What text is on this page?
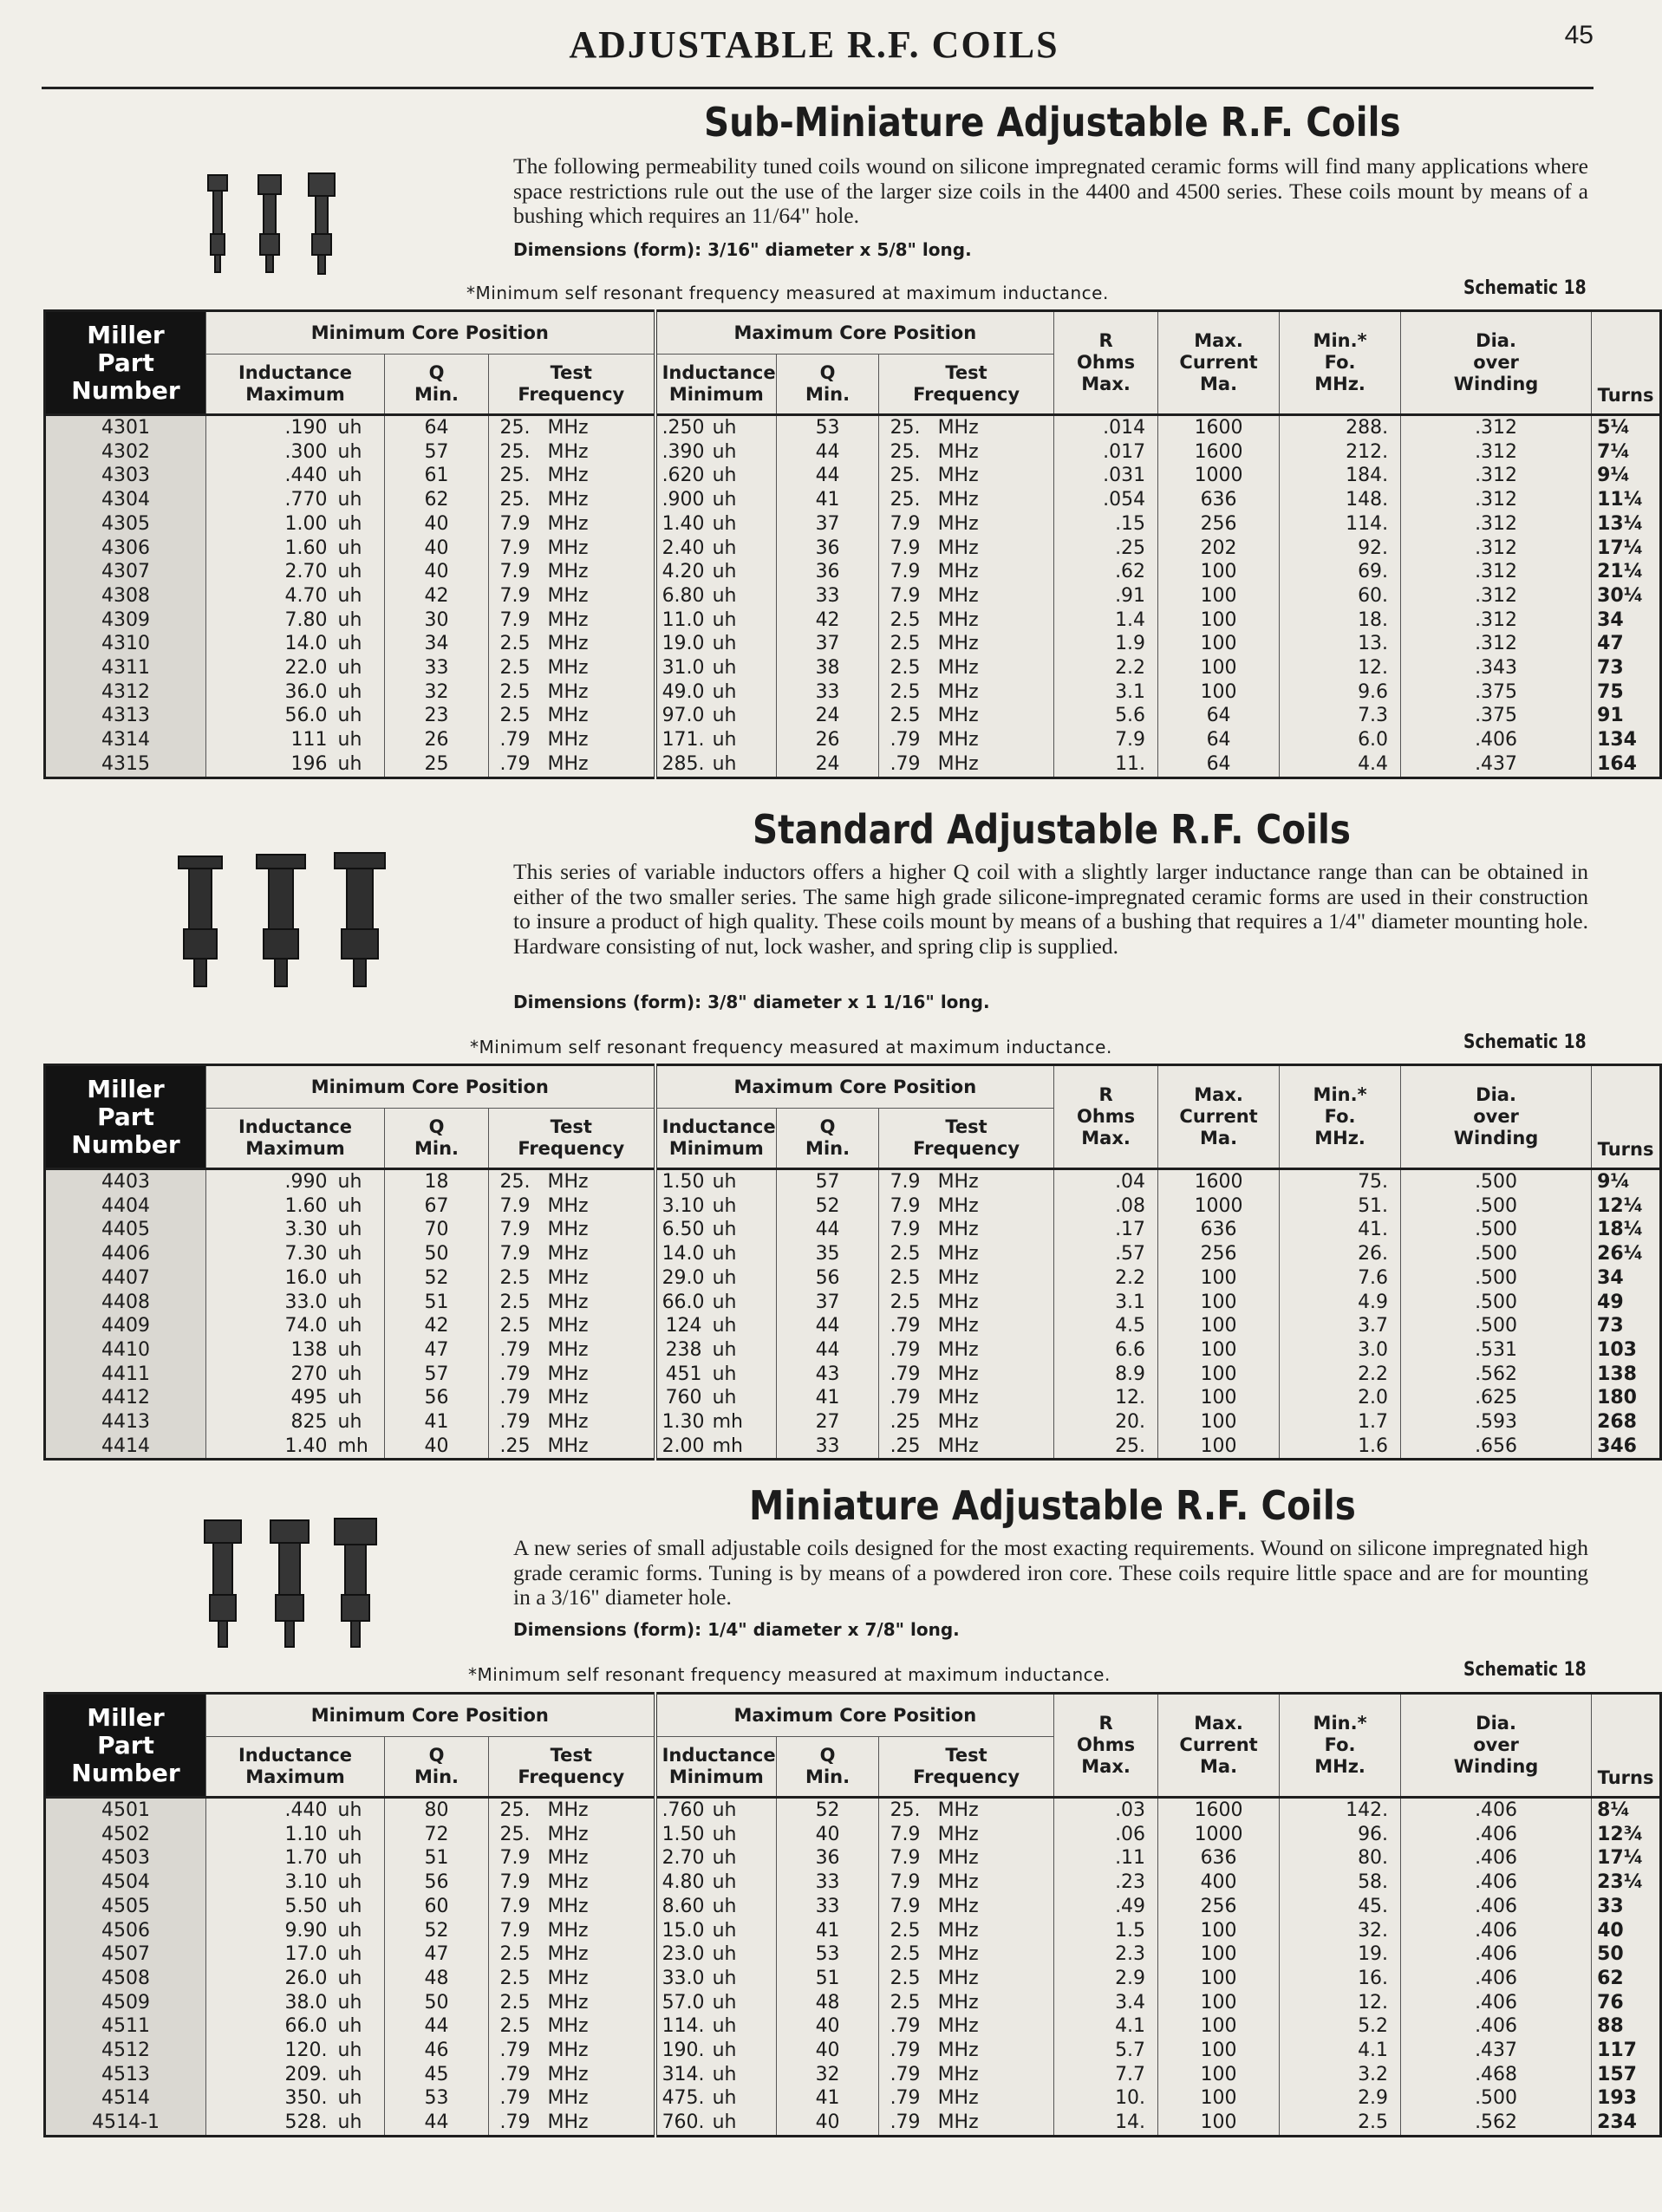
ADJUSTABLE R.F. COILS	45
Sub-Miniature Adjustable R.F. Coils
The following permeability tuned coils wound on silicone impregnated ceramic forms will find many applications where space restrictions rule out the use of the larger size coils in the 4400 and 4500 series. These coils mount by means of a bushing which requires an 11/64" hole.
Dimensions (form): 3/16" diameter x 5/8" long.
*Minimum self resonant frequency measured at maximum inductance.	Schematic 18
Miller
Part
Number	Minimum Core Position					Maximum Core Position					R
Ohms
Max.	Max.
Current
Ma.	Min.*
Fo.
MHz.	Dia.
over
Winding	Turns
	Inductance
Maximum		Q
Min.	Test
Frequency		Inductance
Minimum		Q
Min.	Test
Frequency						
4301	.190	uh	64	25.	MHz	.250	uh	53	25.	MHz	.014	1600	288.	.312	5¼
4302	.300	uh	57	25.	MHz	.390	uh	44	25.	MHz	.017	1600	212.	.312	7¼
4303	.440	uh	61	25.	MHz	.620	uh	44	25.	MHz	.031	1000	184.	.312	9¼
4304	.770	uh	62	25.	MHz	.900	uh	41	25.	MHz	.054	636	148.	.312	11¼
4305	1.00	uh	40	7.9	MHz	1.40	uh	37	7.9	MHz	.15	256	114.	.312	13¼
4306	1.60	uh	40	7.9	MHz	2.40	uh	36	7.9	MHz	.25	202	92.	.312	17¼
4307	2.70	uh	40	7.9	MHz	4.20	uh	36	7.9	MHz	.62	100	69.	.312	21¼
4308	4.70	uh	42	7.9	MHz	6.80	uh	33	7.9	MHz	.91	100	60.	.312	30¼
4309	7.80	uh	30	7.9	MHz	11.0	uh	42	2.5	MHz	1.4	100	18.	.312	34
4310	14.0	uh	34	2.5	MHz	19.0	uh	37	2.5	MHz	1.9	100	13.	.312	47
4311	22.0	uh	33	2.5	MHz	31.0	uh	38	2.5	MHz	2.2	100	12.	.343	73
4312	36.0	uh	32	2.5	MHz	49.0	uh	33	2.5	MHz	3.1	100	9.6	.375	75
4313	56.0	uh	23	2.5	MHz	97.0	uh	24	2.5	MHz	5.6	64	7.3	.375	91
4314	111	uh	26	.79	MHz	171.	uh	26	.79	MHz	7.9	64	6.0	.406	134
4315	196	uh	25	.79	MHz	285.	uh	24	.79	MHz	11.	64	4.4	.437	164
Standard Adjustable R.F. Coils
This series of variable inductors offers a higher Q coil with a slightly larger inductance range than can be obtained in either of the two smaller series. The same high grade silicone-impregnated ceramic forms are used in their construction to insure a product of high quality. These coils mount by means of a bushing that requires a 1/4" diameter mounting hole. Hardware consisting of nut, lock washer, and spring clip is supplied.
Dimensions (form): 3/8" diameter x 1 1/16" long.
*Minimum self resonant frequency measured at maximum inductance.	Schematic 18
Miller
Part
Number	Minimum Core Position					Maximum Core Position					R
Ohms
Max.	Max.
Current
Ma.	Min.*
Fo.
MHz.	Dia.
over
Winding	Turns
	Inductance
Maximum		Q
Min.	Test
Frequency		Inductance
Minimum		Q
Min.	Test
Frequency						
4403	.990	uh	18	25.	MHz	1.50	uh	57	7.9	MHz	.04	1600	75.	.500	9¼
4404	1.60	uh	67	7.9	MHz	3.10	uh	52	7.9	MHz	.08	1000	51.	.500	12¼
4405	3.30	uh	70	7.9	MHz	6.50	uh	44	7.9	MHz	.17	636	41.	.500	18¼
4406	7.30	uh	50	7.9	MHz	14.0	uh	35	2.5	MHz	.57	256	26.	.500	26¼
4407	16.0	uh	52	2.5	MHz	29.0	uh	56	2.5	MHz	2.2	100	7.6	.500	34
4408	33.0	uh	51	2.5	MHz	66.0	uh	37	2.5	MHz	3.1	100	4.9	.500	49
4409	74.0	uh	42	2.5	MHz	124	uh	44	.79	MHz	4.5	100	3.7	.500	73
4410	138	uh	47	.79	MHz	238	uh	44	.79	MHz	6.6	100	3.0	.531	103
4411	270	uh	57	.79	MHz	451	uh	43	.79	MHz	8.9	100	2.2	.562	138
4412	495	uh	56	.79	MHz	760	uh	41	.79	MHz	12.	100	2.0	.625	180
4413	825	uh	41	.79	MHz	1.30	mh	27	.25	MHz	20.	100	1.7	.593	268
4414	1.40	mh	40	.25	MHz	2.00	mh	33	.25	MHz	25.	100	1.6	.656	346
Miniature Adjustable R.F. Coils
A new series of small adjustable coils designed for the most exacting requirements. Wound on silicone impregnated high grade ceramic forms. Tuning is by means of a powdered iron core. These coils require little space and are for mounting in a 3/16" diameter hole.
Dimensions (form): 1/4" diameter x 7/8" long.
*Minimum self resonant frequency measured at maximum inductance.	Schematic 18
Miller
Part
Number	Minimum Core Position					Maximum Core Position					R
Ohms
Max.	Max.
Current
Ma.	Min.*
Fo.
MHz.	Dia.
over
Winding	Turns
	Inductance
Maximum		Q
Min.	Test
Frequency		Inductance
Minimum		Q
Min.	Test
Frequency						
4501	.440	uh	80	25.	MHz	.760	uh	52	25.	MHz	.03	1600	142.	.406	8¼
4502	1.10	uh	72	25.	MHz	1.50	uh	40	7.9	MHz	.06	1000	96.	.406	12¾
4503	1.70	uh	51	7.9	MHz	2.70	uh	36	7.9	MHz	.11	636	80.	.406	17¼
4504	3.10	uh	56	7.9	MHz	4.80	uh	33	7.9	MHz	.23	400	58.	.406	23¼
4505	5.50	uh	60	7.9	MHz	8.60	uh	33	7.9	MHz	.49	256	45.	.406	33
4506	9.90	uh	52	7.9	MHz	15.0	uh	41	2.5	MHz	1.5	100	32.	.406	40
4507	17.0	uh	47	2.5	MHz	23.0	uh	53	2.5	MHz	2.3	100	19.	.406	50
4508	26.0	uh	48	2.5	MHz	33.0	uh	51	2.5	MHz	2.9	100	16.	.406	62
4509	38.0	uh	50	2.5	MHz	57.0	uh	48	2.5	MHz	3.4	100	12.	.406	76
4511	66.0	uh	44	2.5	MHz	114.	uh	40	.79	MHz	4.1	100	5.2	.406	88
4512	120.	uh	46	.79	MHz	190.	uh	40	.79	MHz	5.7	100	4.1	.437	117
4513	209.	uh	45	.79	MHz	314.	uh	32	.79	MHz	7.7	100	3.2	.468	157
4514	350.	uh	53	.79	MHz	475.	uh	41	.79	MHz	10.	100	2.9	.500	193
4514-1	528.	uh	44	.79	MHz	760.	uh	40	.79	MHz	14.	100	2.5	.562	234
